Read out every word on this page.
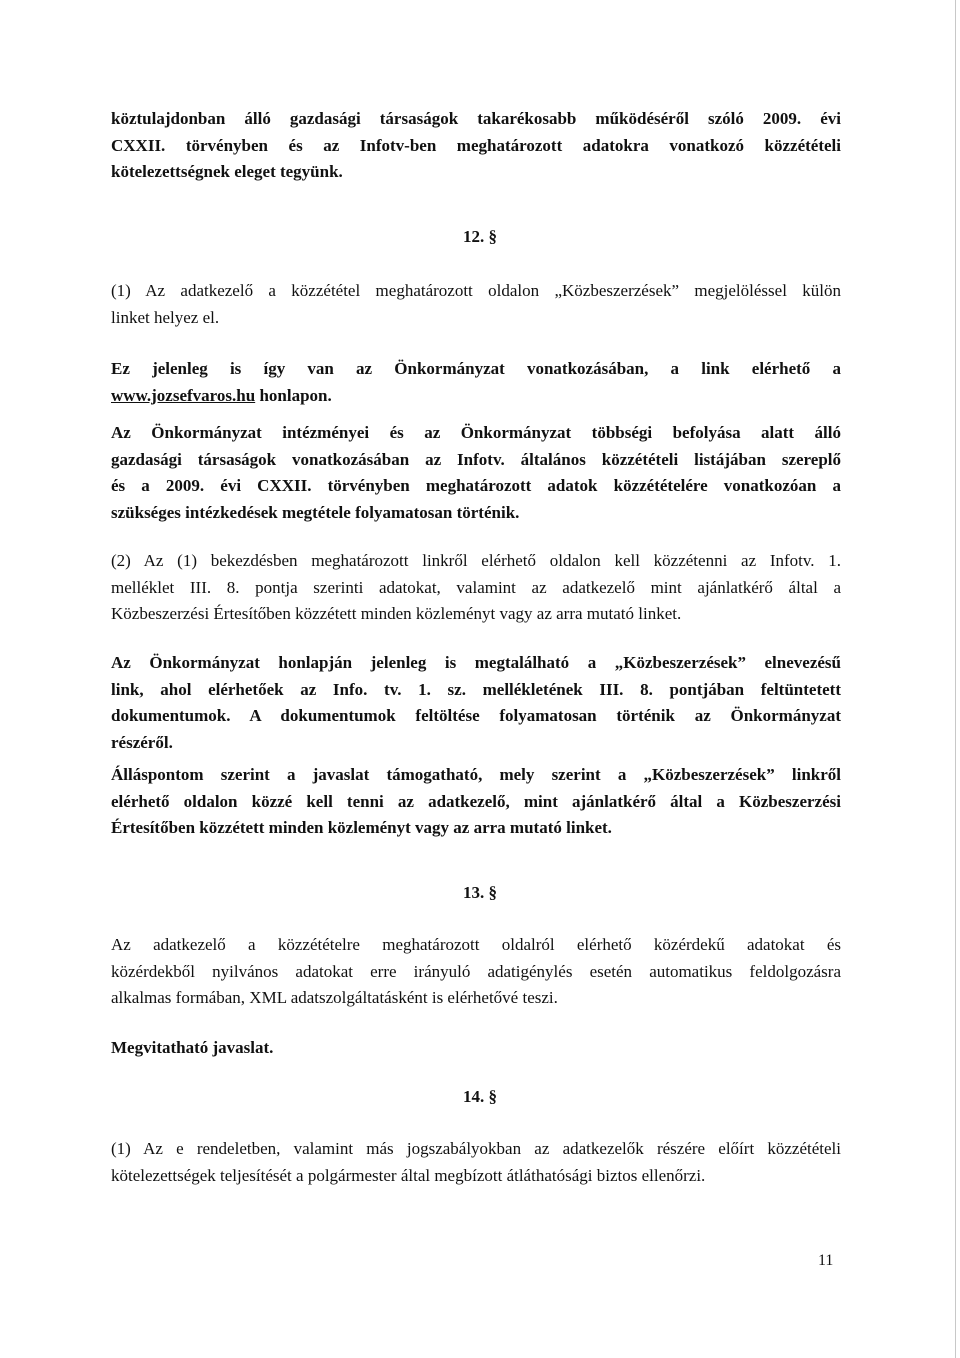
köztulajdonban álló gazdasági társaságok takarékosabb működéséről szóló 2009. évi
CXXII. törvényben és az Infotv-ben meghatározott adatokra vonatkozó közzétételi
kötelezettségnek eleget tegyünk.
12. §
(1) Az adatkezelő a közzététel meghatározott oldalon „Közbeszerzések” megjelöléssel külön
linket helyez el.
Ez jelenleg is így van az Önkormányzat vonatkozásában, a link elérhető a
www.jozsefvaros.hu honlapon.
Az Önkormányzat intézményei és az Önkormányzat többségi befolyása alatt álló
gazdasági társaságok vonatkozásában az Infotv. általános közzétételi listájában szereplő
és a 2009. évi CXXII. törvényben meghatározott adatok közzétételére vonatkozóan a
szükséges intézkedések megtétele folyamatosan történik.
(2) Az (1) bekezdésben meghatározott linkről elérhető oldalon kell közzétenni az Infotv. 1.
melléklet III. 8. pontja szerinti adatokat, valamint az adatkezelő mint ajánlatkérő által a
Közbeszerzési Értesítőben közzétett minden közleményt vagy az arra mutató linket.
Az Önkormányzat honlapján jelenleg is megtalálható a „Közbeszerzések” elnevezésű
link, ahol elérhetőek az Info. tv. 1. sz. mellékletének III. 8. pontjában feltüntetett
dokumentumok. A dokumentumok feltöltése folyamatosan történik az Önkormányzat
részéről.
Álláspontom szerint a javaslat támogatható, mely szerint a „Közbeszerzések” linkről
elérhető oldalon közzé kell tenni az adatkezelő, mint ajánlatkérő által a Közbeszerzési
Értesítőben közzétett minden közleményt vagy az arra mutató linket.
13. §
Az adatkezelő a közzétételre meghatározott oldalról elérhető közérdekű adatokat és
közérdekből nyilvános adatokat erre irányuló adatigénylés esetén automatikus feldolgozásra
alkalmas formában, XML adatszolgáltatásként is elérhetővé teszi.
Megvitatható javaslat.
14. §
(1) Az e rendeletben, valamint más jogszabályokban az adatkezelők részére előírt közzétételi
kötelezettségek teljesítését a polgármester által megbízott átláthatósági biztos ellenőrzi.
11
